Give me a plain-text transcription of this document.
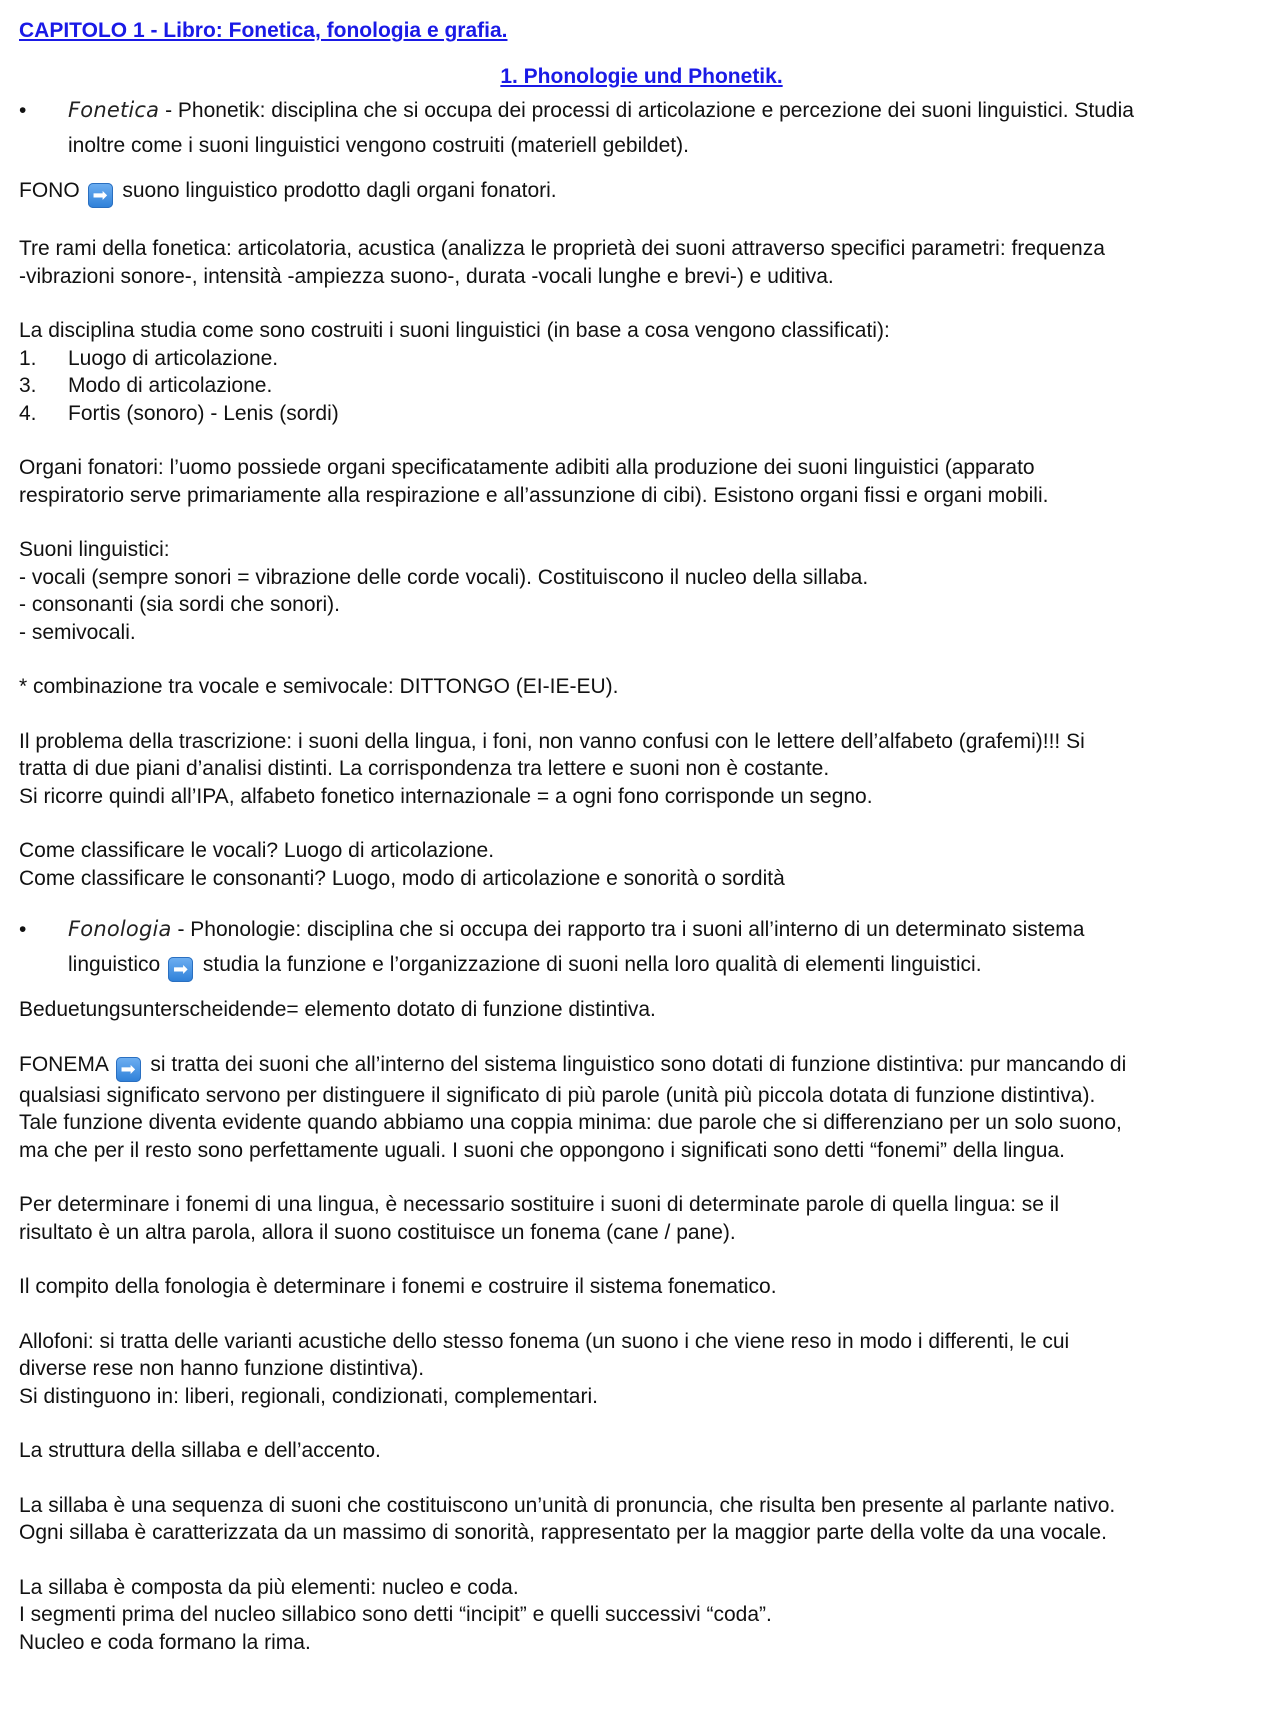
CAPITOLO 1 - Libro: Fonetica, fonologia e grafia.
1. Phonologie und Phonetik.
• Fonetica - Phonetik: disciplina che si occupa dei processi di articolazione e percezione dei suoni linguistici. Studia

inoltre come i suoni linguistici vengono costruiti (materiell gebildet).

FONO ➡ suono linguistico prodotto dagli organi fonatori.

Tre rami della fonetica: articolatoria, acustica (analizza le proprietà dei suoni attraverso specifici parametri: frequenza

-vibrazioni sonore-, intensità -ampiezza suono-, durata -vocali lunghe e brevi-) e uditiva.

La disciplina studia come sono costruiti i suoni linguistici (in base a cosa vengono classificati):

1. Luogo di articolazione.
3. Modo di articolazione.
4. Fortis (sonoro) - Lenis (sordi)

Organi fonatori: l’uomo possiede organi specificatamente adibiti alla produzione dei suoni linguistici (apparato

respiratorio serve primariamente alla respirazione e all’assunzione di cibi). Esistono organi fissi e organi mobili.

Suoni linguistici:

- vocali (sempre sonori = vibrazione delle corde vocali). Costituiscono il nucleo della sillaba.

- consonanti (sia sordi che sonori).

- semivocali.

* combinazione tra vocale e semivocale: DITTONGO (EI-IE-EU).

Il problema della trascrizione: i suoni della lingua, i foni, non vanno confusi con le lettere dell’alfabeto (grafemi)!!! Si

tratta di due piani d’analisi distinti. La corrispondenza tra lettere e suoni non è costante.

Si ricorre quindi all’IPA, alfabeto fonetico internazionale = a ogni fono corrisponde un segno.

Come classificare le vocali? Luogo di articolazione.

Come classificare le consonanti? Luogo, modo di articolazione e sonorità o sordità

• Fonologia - Phonologie: disciplina che si occupa dei rapporto tra i suoni all’interno di un determinato sistema

linguistico ➡ studia la funzione e l’organizzazione di suoni nella loro qualità di elementi linguistici.

Beduetungsunterscheidende= elemento dotato di funzione distintiva.

FONEMA ➡ si tratta dei suoni che all’interno del sistema linguistico sono dotati di funzione distintiva: pur mancando di

qualsiasi significato servono per distinguere il significato di più parole (unità più piccola dotata di funzione distintiva).

Tale funzione diventa evidente quando abbiamo una coppia minima: due parole che si differenziano per un solo suono,

ma che per il resto sono perfettamente uguali. I suoni che oppongono i significati sono detti “fonemi” della lingua.

Per determinare i fonemi di una lingua, è necessario sostituire i suoni di determinate parole di quella lingua: se il

risultato è un altra parola, allora il suono costituisce un fonema (cane / pane).

Il compito della fonologia è determinare i fonemi e costruire il sistema fonematico.

Allofoni: si tratta delle varianti acustiche dello stesso fonema (un suono i che viene reso in modo i differenti, le cui

diverse rese non hanno funzione distintiva).

Si distinguono in: liberi, regionali, condizionati, complementari.

La struttura della sillaba e dell’accento.

La sillaba è una sequenza di suoni che costituiscono un’unità di pronuncia, che risulta ben presente al parlante nativo.

Ogni sillaba è caratterizzata da un massimo di sonorità, rappresentato per la maggior parte della volte da una vocale.

La sillaba è composta da più elementi: nucleo e coda.

I segmenti prima del nucleo sillabico sono detti “incipit” e quelli successivi “coda”.

Nucleo e coda formano la rima.
